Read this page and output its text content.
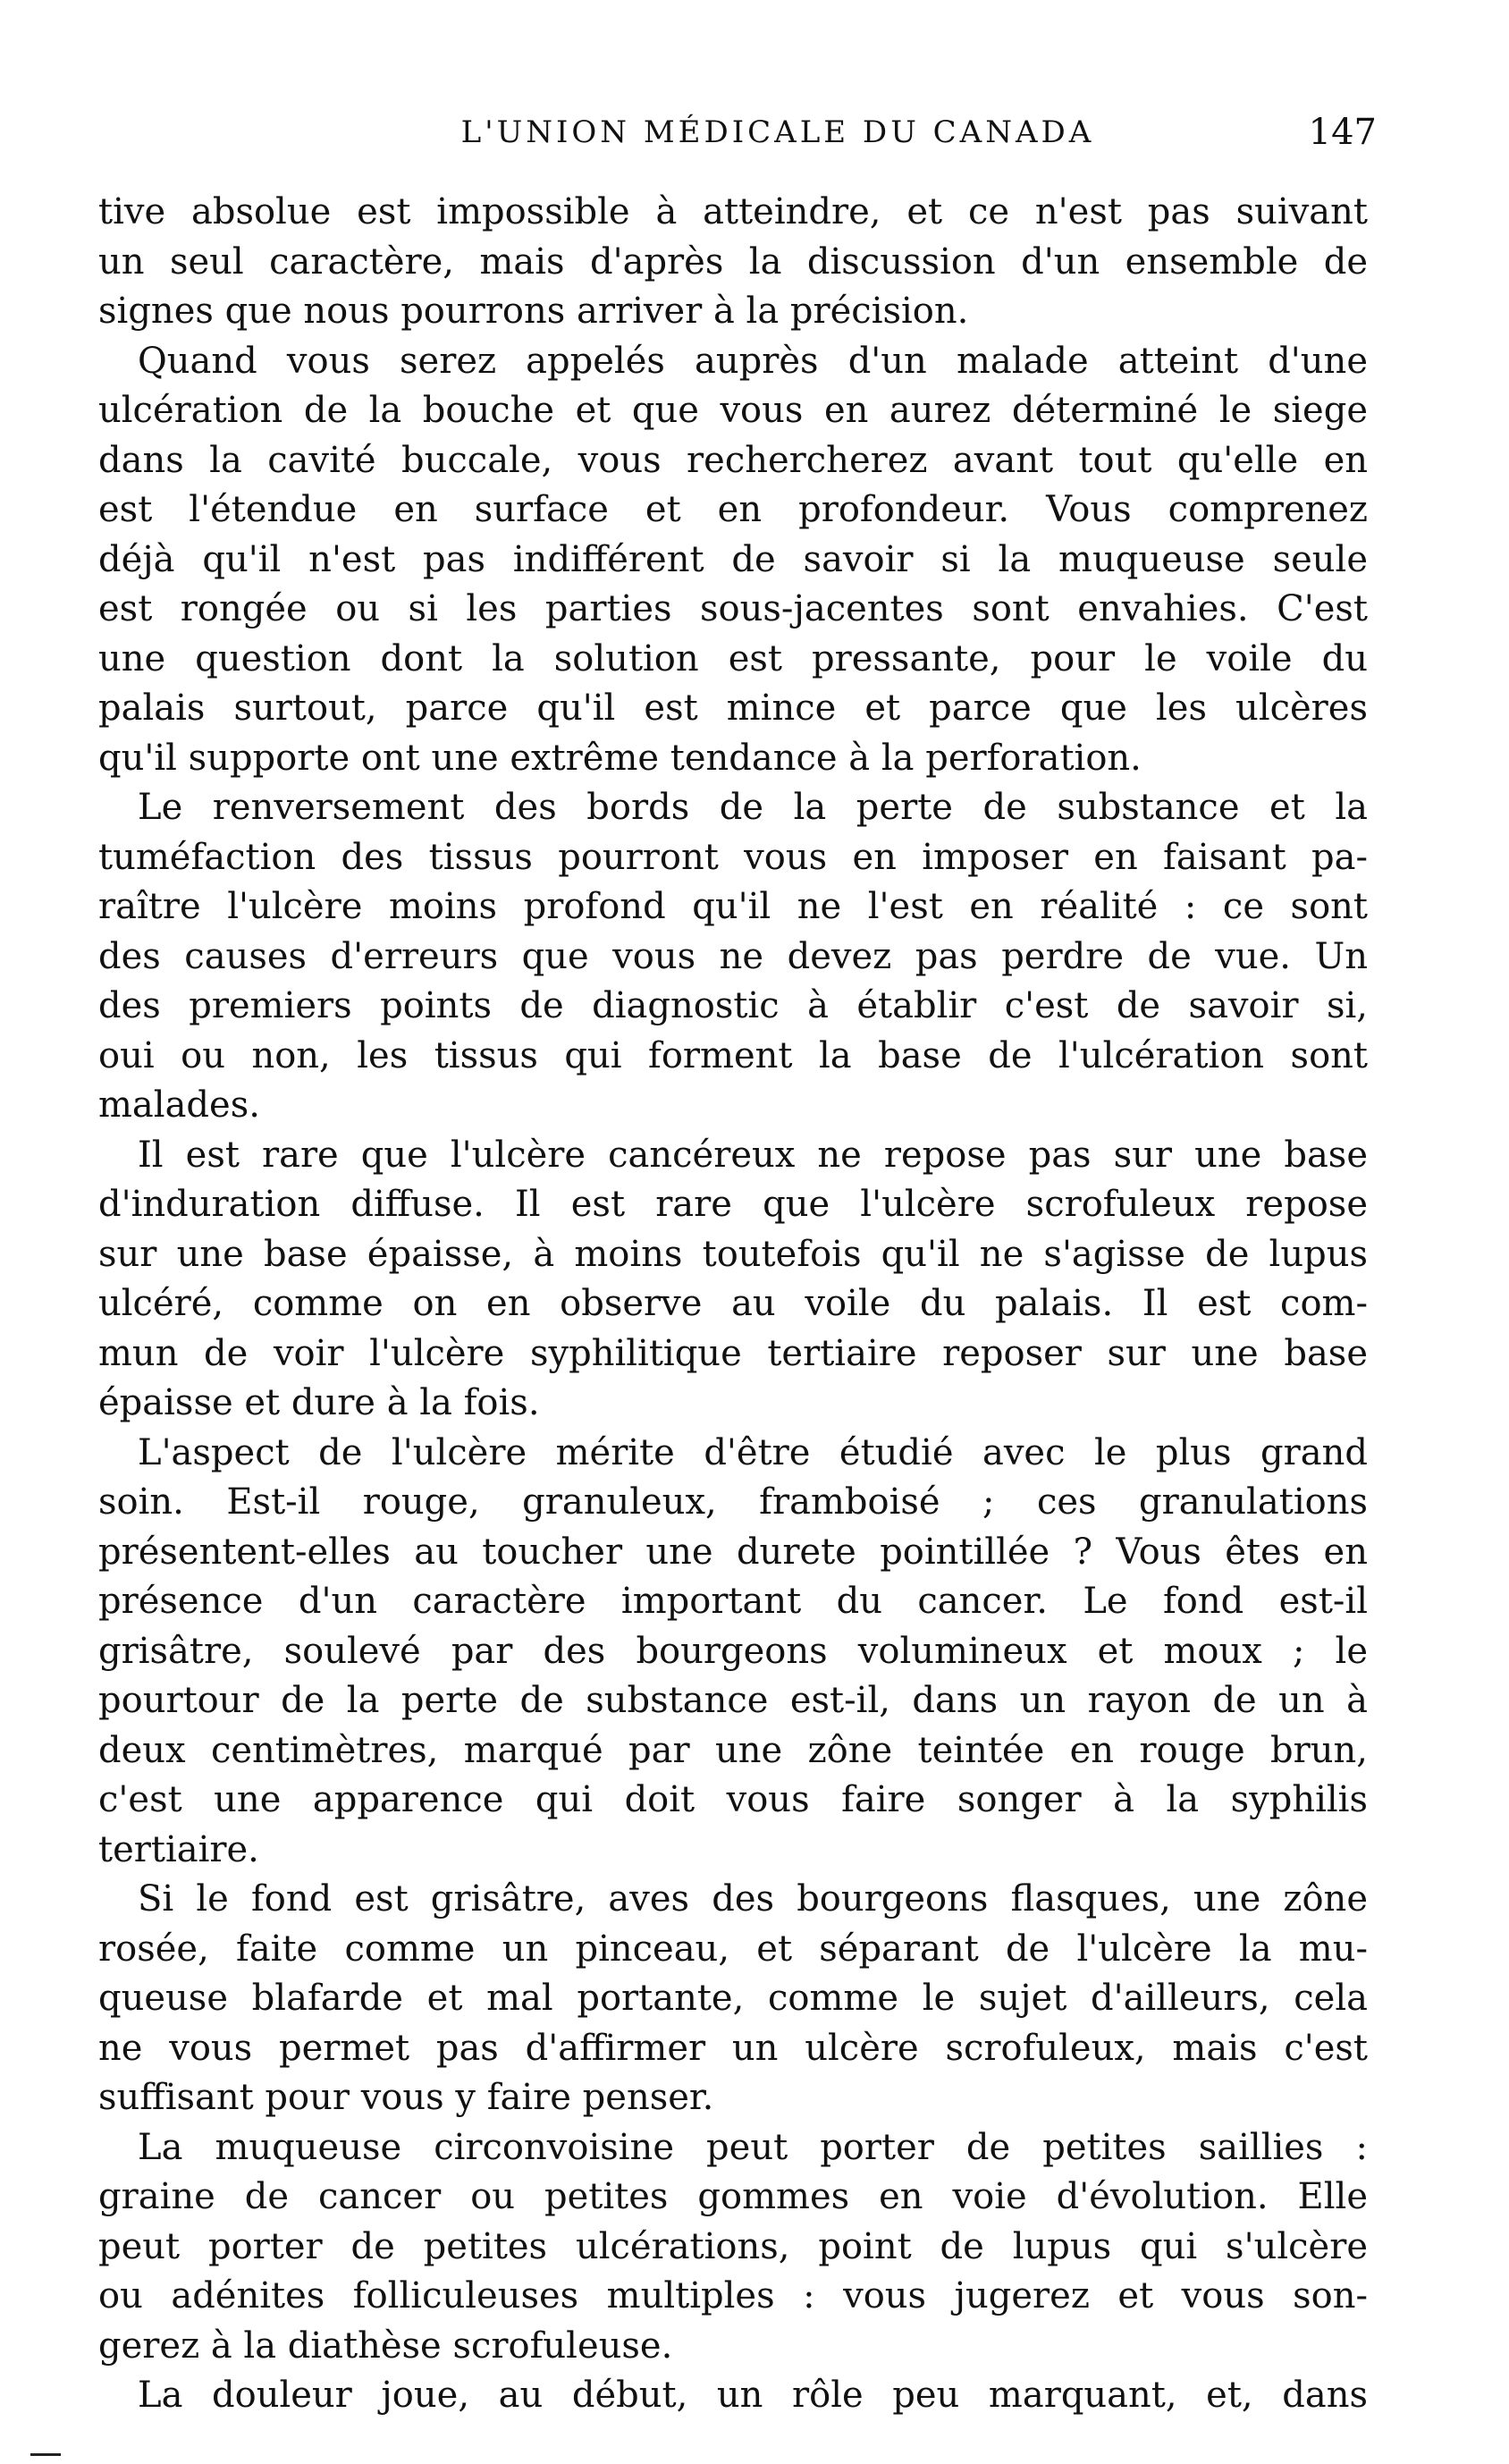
L'UNION MÉDICALE DU CANADA	147
tive absolue est impossible à atteindre, et ce n'est pas suivant
un seul caractère, mais d'après la discussion d'un ensemble de
signes que nous pourrons arriver à la précision.
Quand vous serez appelés auprès d'un malade atteint d'une
ulcération de la bouche et que vous en aurez déterminé le siege
dans la cavité buccale, vous rechercherez avant tout qu'elle en
est l'étendue en surface et en profondeur. Vous comprenez
déjà qu'il n'est pas indifférent de savoir si la muqueuse seule
est rongée ou si les parties sous-jacentes sont envahies. C'est
une question dont la solution est pressante, pour le voile du
palais surtout, parce qu'il est mince et parce que les ulcères
qu'il supporte ont une extrême tendance à la perforation.
Le renversement des bords de la perte de substance et la
tuméfaction des tissus pourront vous en imposer en faisant pa-
raître l'ulcère moins profond qu'il ne l'est en réalité : ce sont
des causes d'erreurs que vous ne devez pas perdre de vue. Un
des premiers points de diagnostic à établir c'est de savoir si,
oui ou non, les tissus qui forment la base de l'ulcération sont
malades.
Il est rare que l'ulcère cancéreux ne repose pas sur une base
d'induration diffuse. Il est rare que l'ulcère scrofuleux repose
sur une base épaisse, à moins toutefois qu'il ne s'agisse de lupus
ulcéré, comme on en observe au voile du palais. Il est com-
mun de voir l'ulcère syphilitique tertiaire reposer sur une base
épaisse et dure à la fois.
L'aspect de l'ulcère mérite d'être étudié avec le plus grand
soin. Est-il rouge, granuleux, framboisé ; ces granulations
présentent-elles au toucher une durete pointillée ? Vous êtes en
présence d'un caractère important du cancer. Le fond est-il
grisâtre, soulevé par des bourgeons volumineux et moux ; le
pourtour de la perte de substance est-il, dans un rayon de un à
deux centimètres, marqué par une zône teintée en rouge brun,
c'est une apparence qui doit vous faire songer à la syphilis
tertiaire.
Si le fond est grisâtre, aves des bourgeons flasques, une zône
rosée, faite comme un pinceau, et séparant de l'ulcère la mu-
queuse blafarde et mal portante, comme le sujet d'ailleurs, cela
ne vous permet pas d'affirmer un ulcère scrofuleux, mais c'est
suffisant pour vous y faire penser.
La muqueuse circonvoisine peut porter de petites saillies :
graine de cancer ou petites gommes en voie d'évolution. Elle
peut porter de petites ulcérations, point de lupus qui s'ulcère
ou adénites folliculeuses multiples : vous jugerez et vous son-
gerez à la diathèse scrofuleuse.
La douleur joue, au début, un rôle peu marquant, et, dans
